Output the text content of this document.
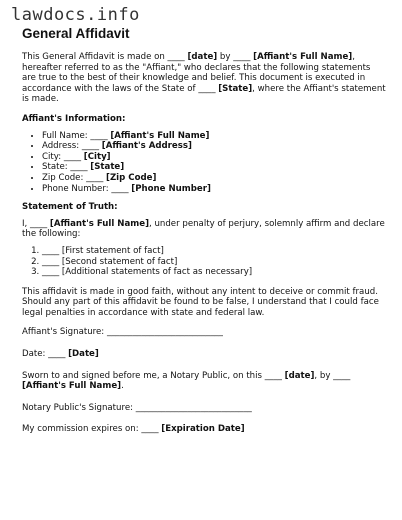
lawdocs.info
General Affidavit

This General Affidavit is made on ____ [date] by ____ [Affiant's Full Name], hereafter referred to as the "Affiant," who declares that the following statements are true to the best of their knowledge and belief. This document is executed in accordance with the laws of the State of ____ [State], where the Affiant's statement is made.

Affiant's Information:
• Full Name: ____ [Affiant's Full Name]
• Address: ____ [Affiant's Address]
• City: ____ [City]
• State: ____ [State]
• Zip Code: ____ [Zip Code]
• Phone Number: ____ [Phone Number]
Statement of Truth:

I, ____ [Affiant's Full Name], under penalty of perjury, solemnly affirm and declare the following:

1. ____ [First statement of fact]
2. ____ [Second statement of fact]
3. ____ [Additional statements of fact as necessary]

This affidavit is made in good faith, without any intent to deceive or commit fraud. Should any part of this affidavit be found to be false, I understand that I could face legal penalties in accordance with state and federal law.

Affiant's Signature: ___________________________

Date: ____ [Date]

Sworn to and signed before me, a Notary Public, on this ____ [date], by ____ [Affiant's Full Name].

Notary Public's Signature: ___________________________

My commission expires on: ____ [Expiration Date]
